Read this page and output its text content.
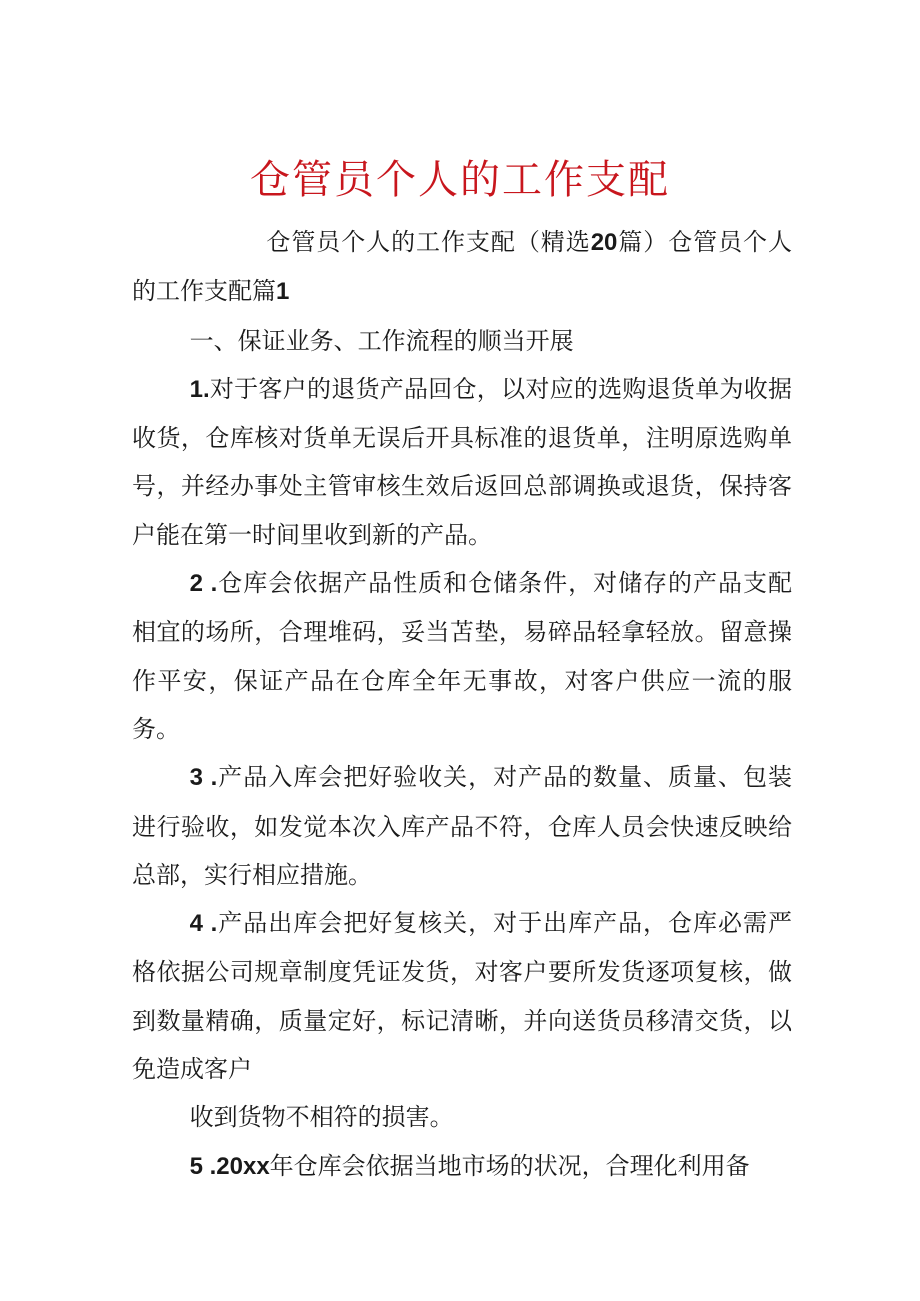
仓管员个人的工作支配

仓管员个人的工作支配（精选20篇）仓管员个人的工作支配篇1

一、保证业务、工作流程的顺当开展

1.对于客户的退货产品回仓，以对应的选购退货单为收据收货，仓库核对货单无误后开具标准的退货单，注明原选购单号，并经办事处主管审核生效后返回总部调换或退货，保持客户能在第一时间里收到新的产品。

2 .仓库会依据产品性质和仓储条件，对储存的产品支配相宜的场所，合理堆码，妥当苫垫，易碎品轻拿轻放。留意操作平安，保证产品在仓库全年无事故，对客户供应一流的服务。

3 .产品入库会把好验收关，对产品的数量、质量、包装进行验收，如发觉本次入库产品不符，仓库人员会快速反映给总部，实行相应措施。

4 .产品出库会把好复核关，对于出库产品，仓库必需严格依据公司规章制度凭证发货，对客户要所发货逐项复核，做到数量精确，质量定好，标记清晰，并向送货员移清交货，以免造成客户

收到货物不相符的损害。

5 .20xx年仓库会依据当地市场的状况，合理化利用备
